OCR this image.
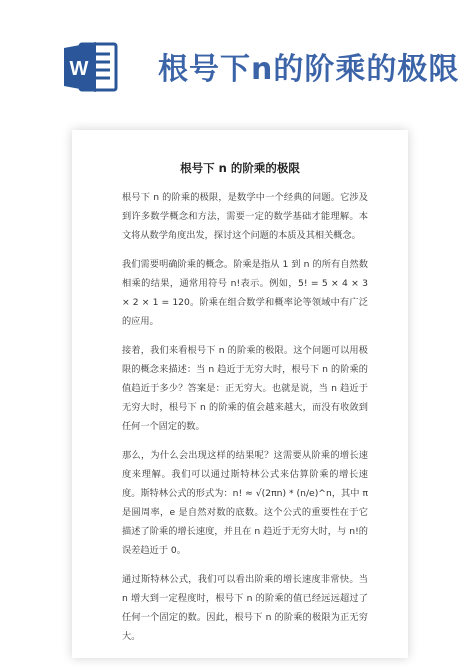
W 根号下n的阶乘的极限
根号下 n 的阶乘的极限

根号下 n 的阶乘的极限，是数学中一个经典的问题。它涉及到许多数学概念和方法，需要一定的数学基础才能理解。本文将从数学角度出发，探讨这个问题的本质及其相关概念。

我们需要明确阶乘的概念。阶乘是指从 1 到 n 的所有自然数相乘的结果，通常用符号 n!表示。例如，5! = 5 × 4 × 3 × 2 × 1 = 120。阶乘在组合数学和概率论等领域中有广泛的应用。

接着，我们来看根号下 n 的阶乘的极限。这个问题可以用极限的概念来描述：当 n 趋近于无穷大时，根号下 n 的阶乘的值趋近于多少？答案是：正无穷大。也就是说，当 n 趋近于无穷大时，根号下 n 的阶乘的值会越来越大，而没有收敛到任何一个固定的数。

那么，为什么会出现这样的结果呢？这需要从阶乘的增长速度来理解。我们可以通过斯特林公式来估算阶乘的增长速度。斯特林公式的形式为：n! ≈ √(2πn) * (n/e)^n，其中 π 是圆周率，e 是自然对数的底数。这个公式的重要性在于它描述了阶乘的增长速度，并且在 n 趋近于无穷大时，与 n!的误差趋近于 0。

通过斯特林公式，我们可以看出阶乘的增长速度非常快。当 n 增大到一定程度时，根号下 n 的阶乘的值已经远远超过了任何一个固定的数。因此，根号下 n 的阶乘的极限为正无穷大。
